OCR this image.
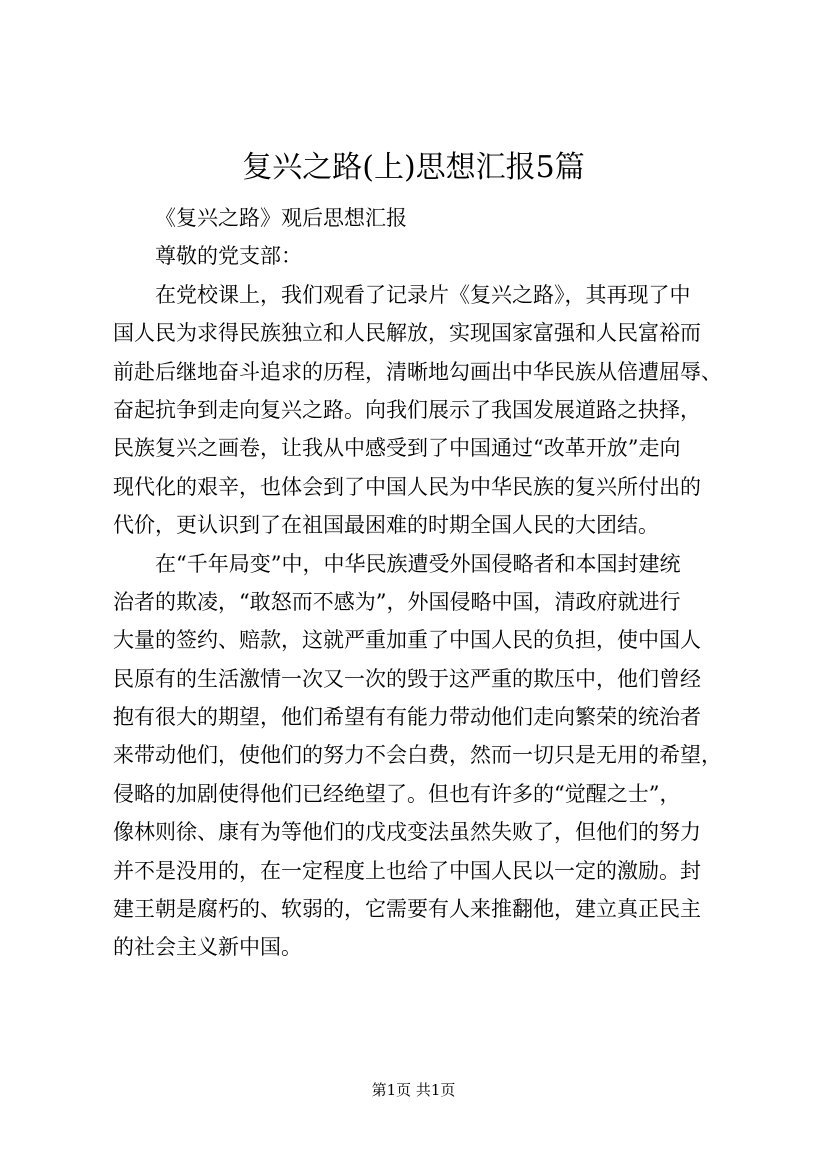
复兴之路(上)思想汇报5篇
《复兴之路》观后思想汇报
尊敬的党支部：
在党校课上，我们观看了记录片《复兴之路》，其再现了中
国人民为求得民族独立和人民解放，实现国家富强和人民富裕而
前赴后继地奋斗追求的历程，清晰地勾画出中华民族从倍遭屈辱、
奋起抗争到走向复兴之路。向我们展示了我国发展道路之抉择，
民族复兴之画卷，让我从中感受到了中国通过“改革开放”走向
现代化的艰辛，也体会到了中国人民为中华民族的复兴所付出的
代价，更认识到了在祖国最困难的时期全国人民的大团结。
在“千年局变”中，中华民族遭受外国侵略者和本国封建统
治者的欺凌，“敢怒而不感为”，外国侵略中国，清政府就进行
大量的签约、赔款，这就严重加重了中国人民的负担，使中国人
民原有的生活激情一次又一次的毁于这严重的欺压中，他们曾经
抱有很大的期望，他们希望有有能力带动他们走向繁荣的统治者
来带动他们，使他们的努力不会白费，然而一切只是无用的希望，
侵略的加剧使得他们已经绝望了。但也有许多的“觉醒之士”，
像林则徐、康有为等他们的戊戌变法虽然失败了，但他们的努力
并不是没用的，在一定程度上也给了中国人民以一定的激励。封
建王朝是腐朽的、软弱的，它需要有人来推翻他，建立真正民主
的社会主义新中国。
第1页 共1页
